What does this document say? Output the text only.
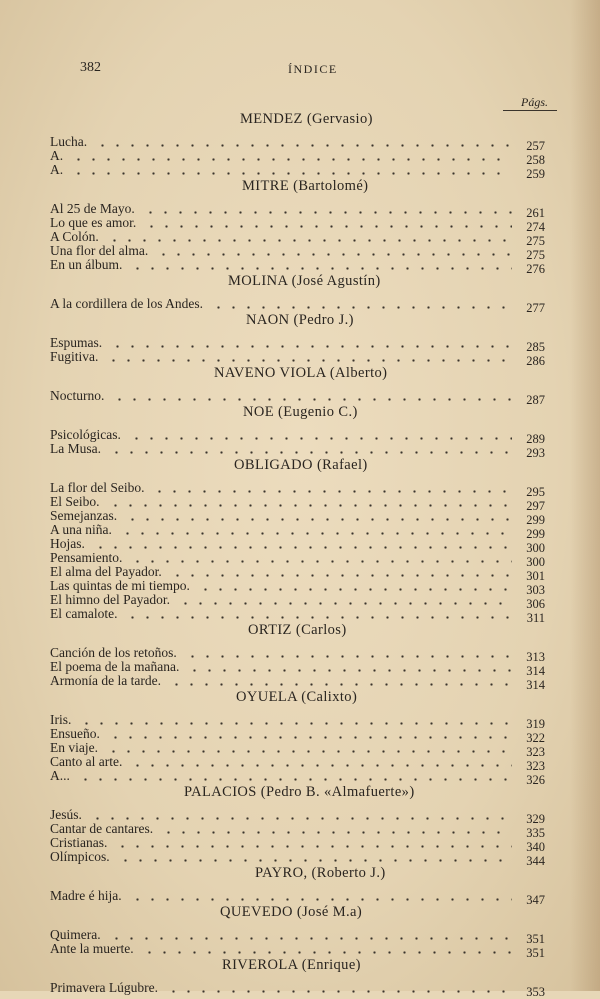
382	ÍNDICE
Págs.
MENDEZ (Gervasio)
Lucha.	257
A.	258
A.	259
MITRE (Bartolomé)
Al 25 de Mayo.	261
Lo que es amor.	274
A Colón.	275
Una flor del alma.	275
En un álbum.	276
MOLINA (José Agustín)
A la cordillera de los Andes.	277
NAON (Pedro J.)
Espumas.	285
Fugitiva.	286
NAVENO VIOLA (Alberto)
Nocturno.	287
NOE (Eugenio C.)
Psicológicas.	289
La Musa.	293
OBLIGADO (Rafael)
La flor del Seibo.	295
El Seibo.	297
Semejanzas.	299
A una niña.	299
Hojas.	300
Pensamiento.	300
El alma del Payador.	301
Las quintas de mi tiempo.	303
El himno del Payador.	306
El camalote.	311
ORTIZ (Carlos)
Canción de los retoños.	313
El poema de la mañana.	314
Armonía de la tarde.	314
OYUELA (Calixto)
Iris.	319
Ensueño.	322
En viaje.	323
Canto al arte.	323
A...	326
PALACIOS (Pedro B. «Almafuerte»)
Jesús.	329
Cantar de cantares.	335
Cristianas.	340
Olímpicos.	344
PAYRO, (Roberto J.)
Madre é hija.	347
QUEVEDO (José M.a)
Quimera.	351
Ante la muerte.	351
RIVEROLA (Enrique)
Primavera Lúgubre.	353
